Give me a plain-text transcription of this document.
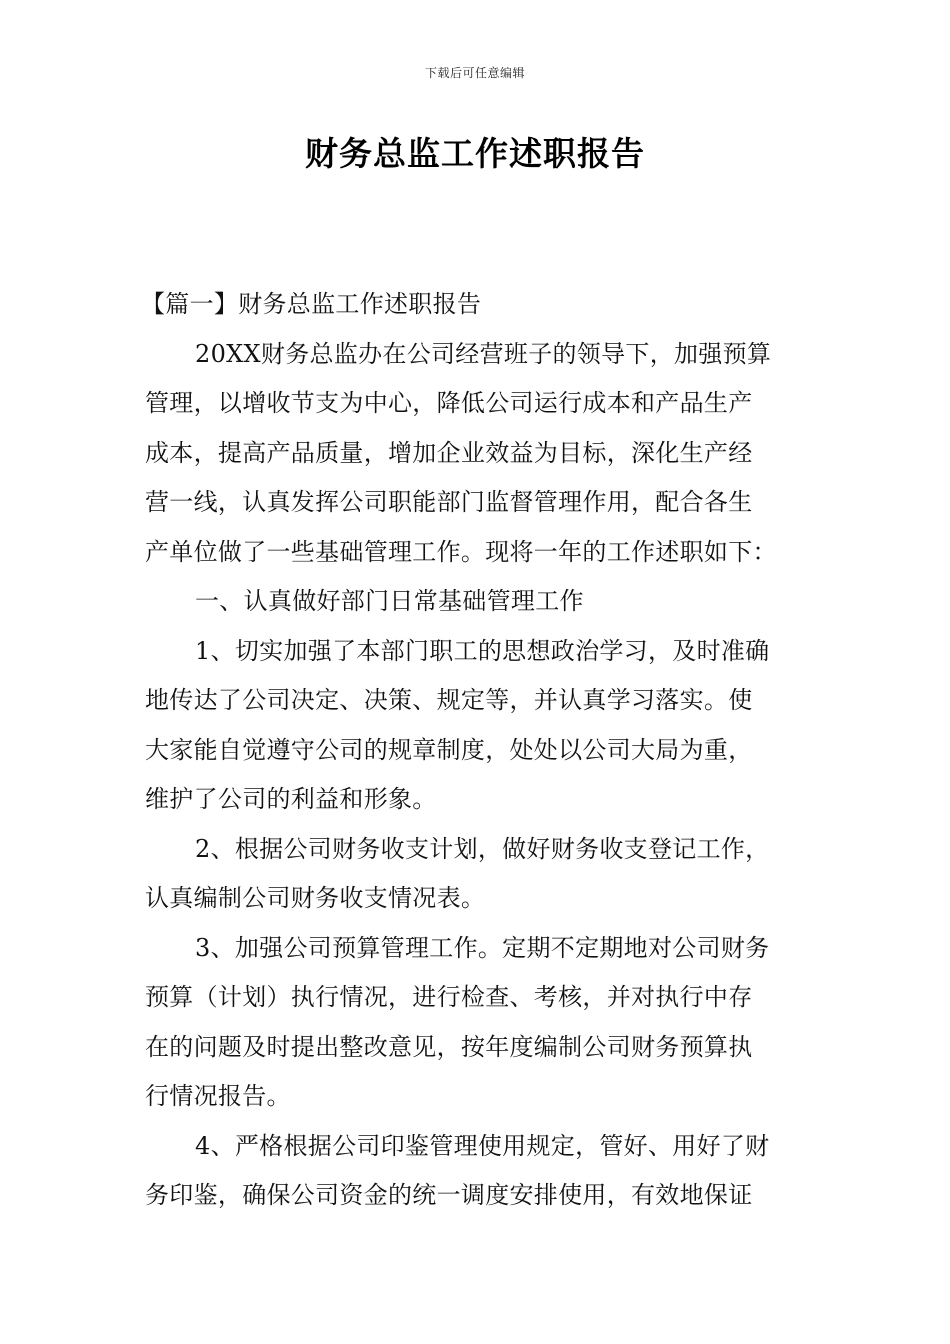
下载后可任意编辑
财务总监工作述职报告
【篇一】财务总监工作述职报告
20XX财务总监办在公司经营班子的领导下，加强预算
管理，以增收节支为中心，降低公司运行成本和产品生产
成本，提高产品质量，增加企业效益为目标，深化生产经
营一线，认真发挥公司职能部门监督管理作用，配合各生
产单位做了一些基础管理工作。现将一年的工作述职如下：
一、认真做好部门日常基础管理工作
1、切实加强了本部门职工的思想政治学习，及时准确
地传达了公司决定、决策、规定等，并认真学习落实。使
大家能自觉遵守公司的规章制度，处处以公司大局为重，
维护了公司的利益和形象。
2、根据公司财务收支计划，做好财务收支登记工作，
认真编制公司财务收支情况表。
3、加强公司预算管理工作。定期不定期地对公司财务
预算（计划）执行情况，进行检查、考核，并对执行中存
在的问题及时提出整改意见，按年度编制公司财务预算执
行情况报告。
4、严格根据公司印鉴管理使用规定，管好、用好了财
务印鉴，确保公司资金的统一调度安排使用，有效地保证
